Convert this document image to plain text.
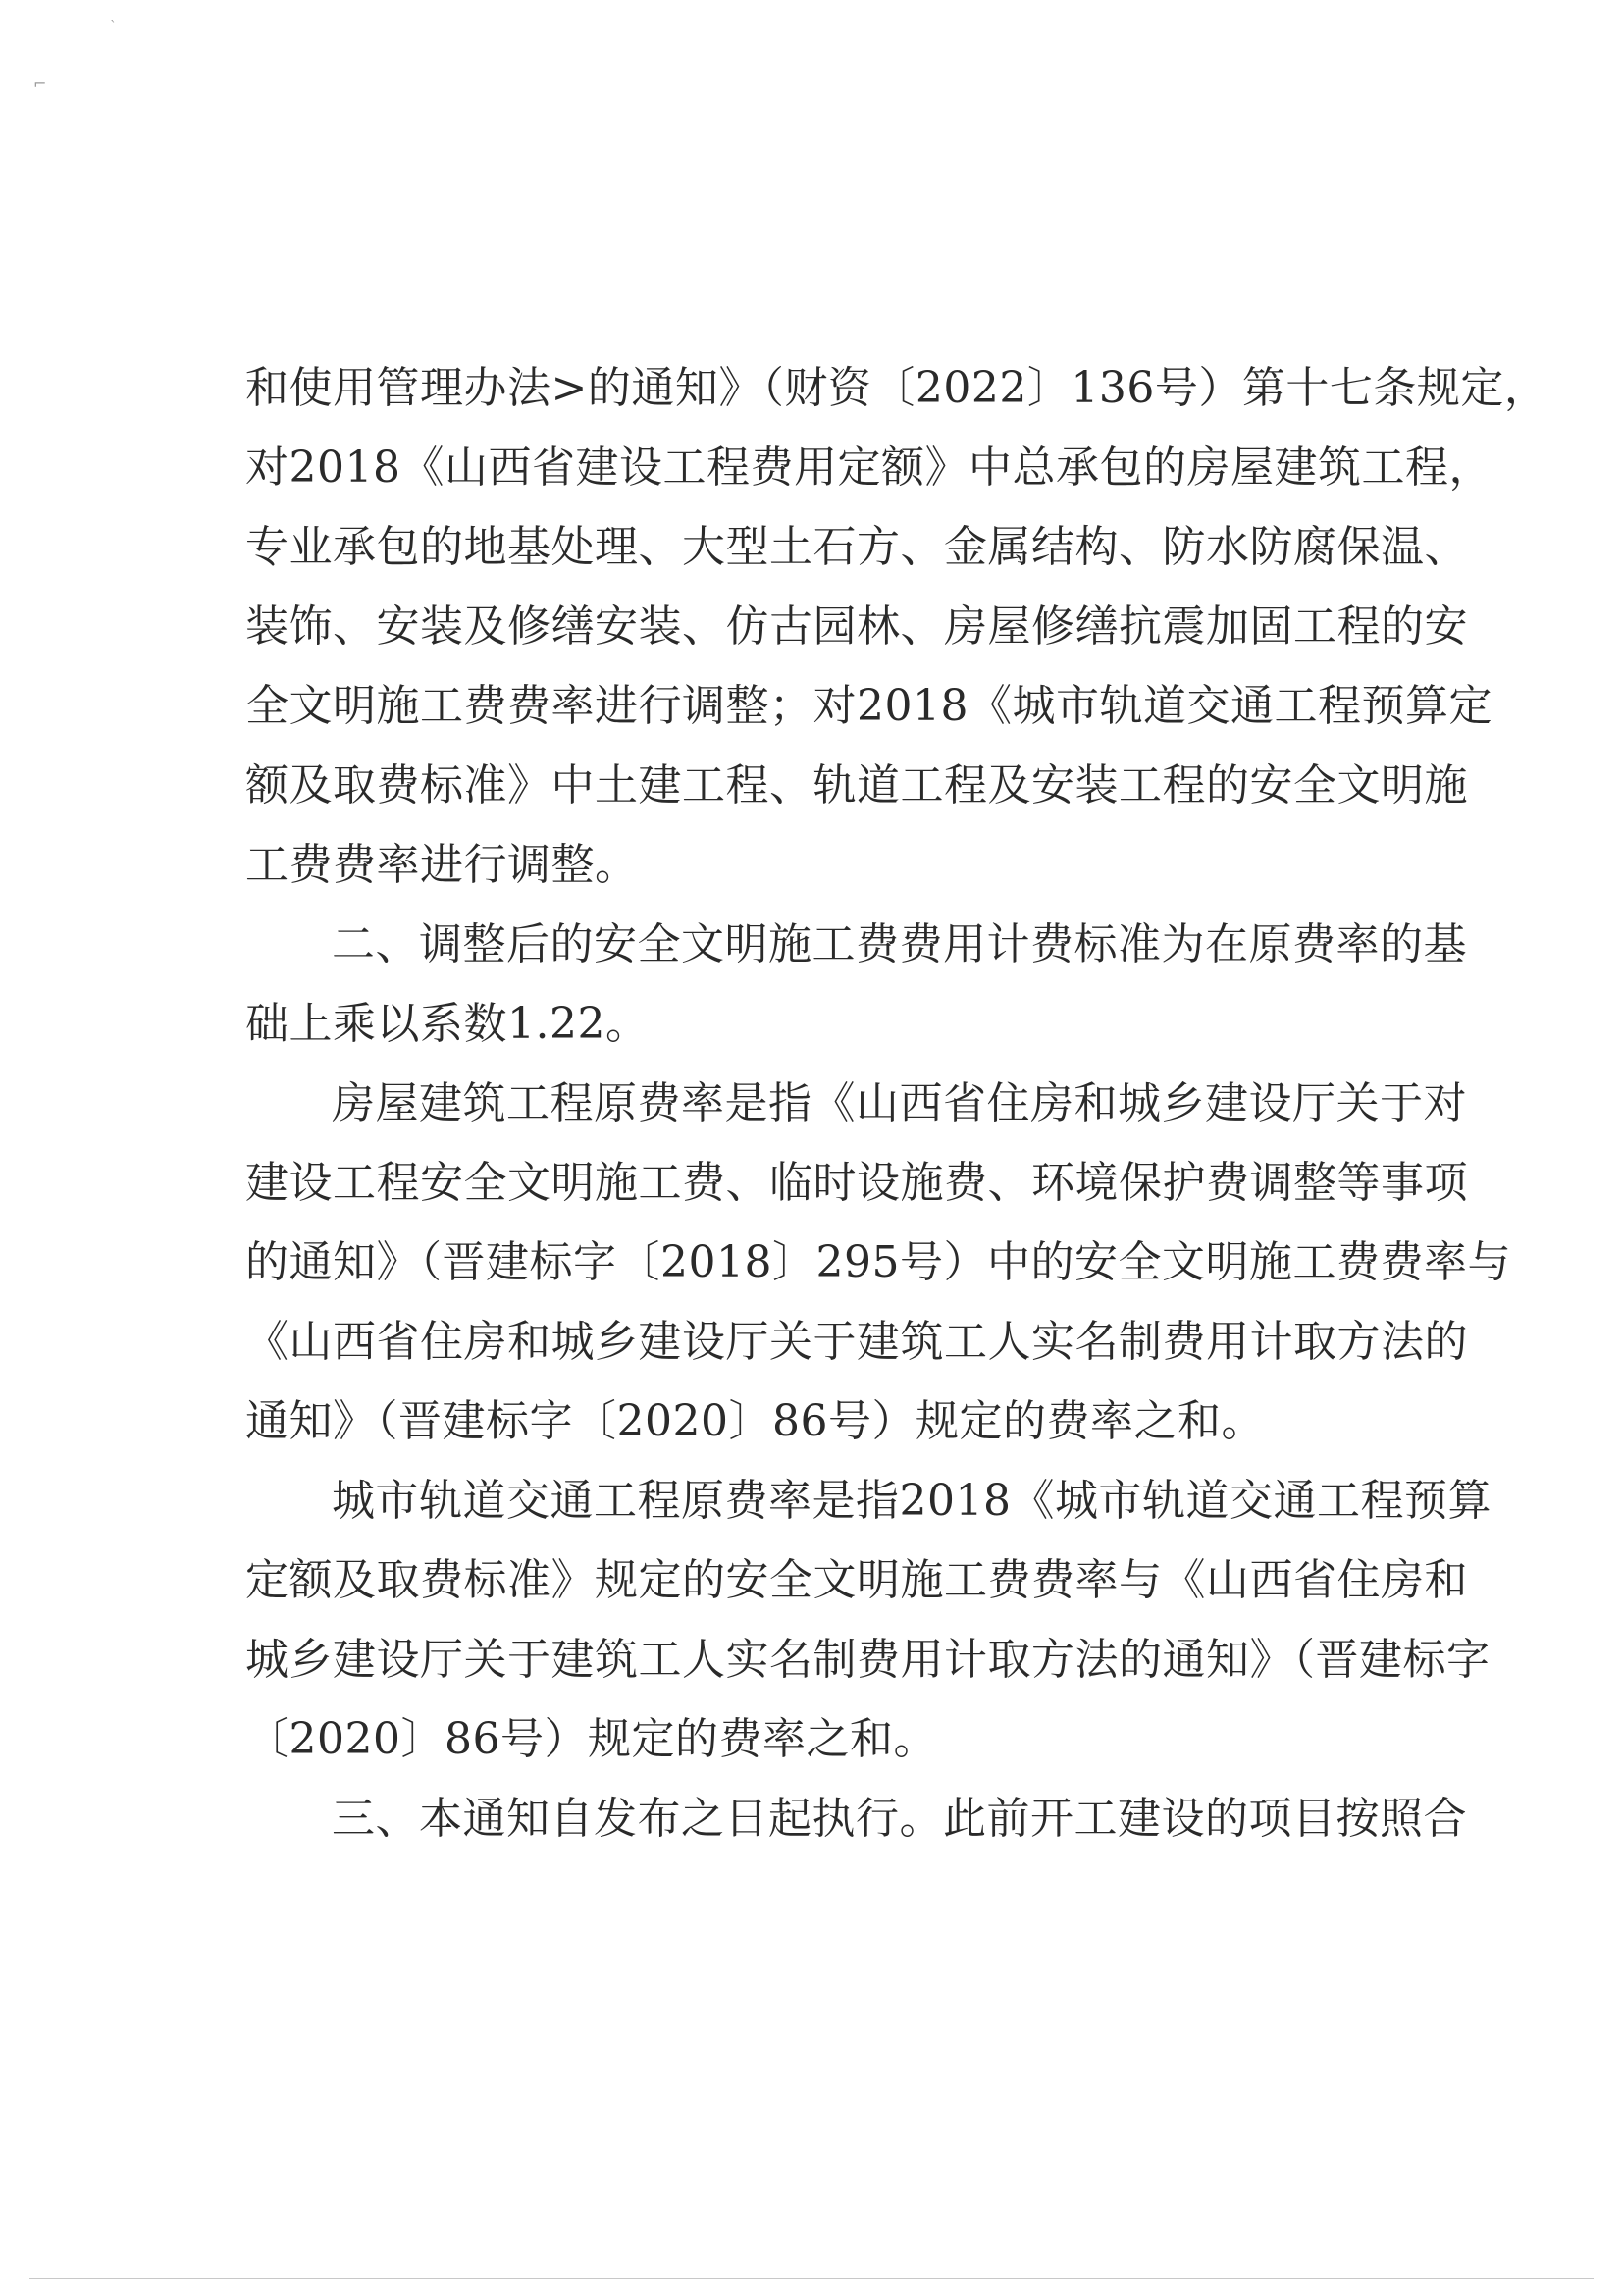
`
⌐
和使用管理办法>的通知》（财资〔2022〕136号）第十七条规定，
对2018《山西省建设工程费用定额》中总承包的房屋建筑工程，
专业承包的地基处理、大型土石方、金属结构、防水防腐保温、
装饰、安装及修缮安装、仿古园林、房屋修缮抗震加固工程的安
全文明施工费费率进行调整；对2018《城市轨道交通工程预算定
额及取费标准》中土建工程、轨道工程及安装工程的安全文明施
工费费率进行调整。
二、调整后的安全文明施工费费用计费标准为在原费率的基
础上乘以系数1.22。
房屋建筑工程原费率是指《山西省住房和城乡建设厅关于对
建设工程安全文明施工费、临时设施费、环境保护费调整等事项
的通知》（晋建标字〔2018〕295号）中的安全文明施工费费率与
《山西省住房和城乡建设厅关于建筑工人实名制费用计取方法的
通知》（晋建标字〔2020〕86号）规定的费率之和。
城市轨道交通工程原费率是指2018《城市轨道交通工程预算
定额及取费标准》规定的安全文明施工费费率与《山西省住房和
城乡建设厅关于建筑工人实名制费用计取方法的通知》（晋建标字
〔2020〕86号）规定的费率之和。
三、本通知自发布之日起执行。此前开工建设的项目按照合
